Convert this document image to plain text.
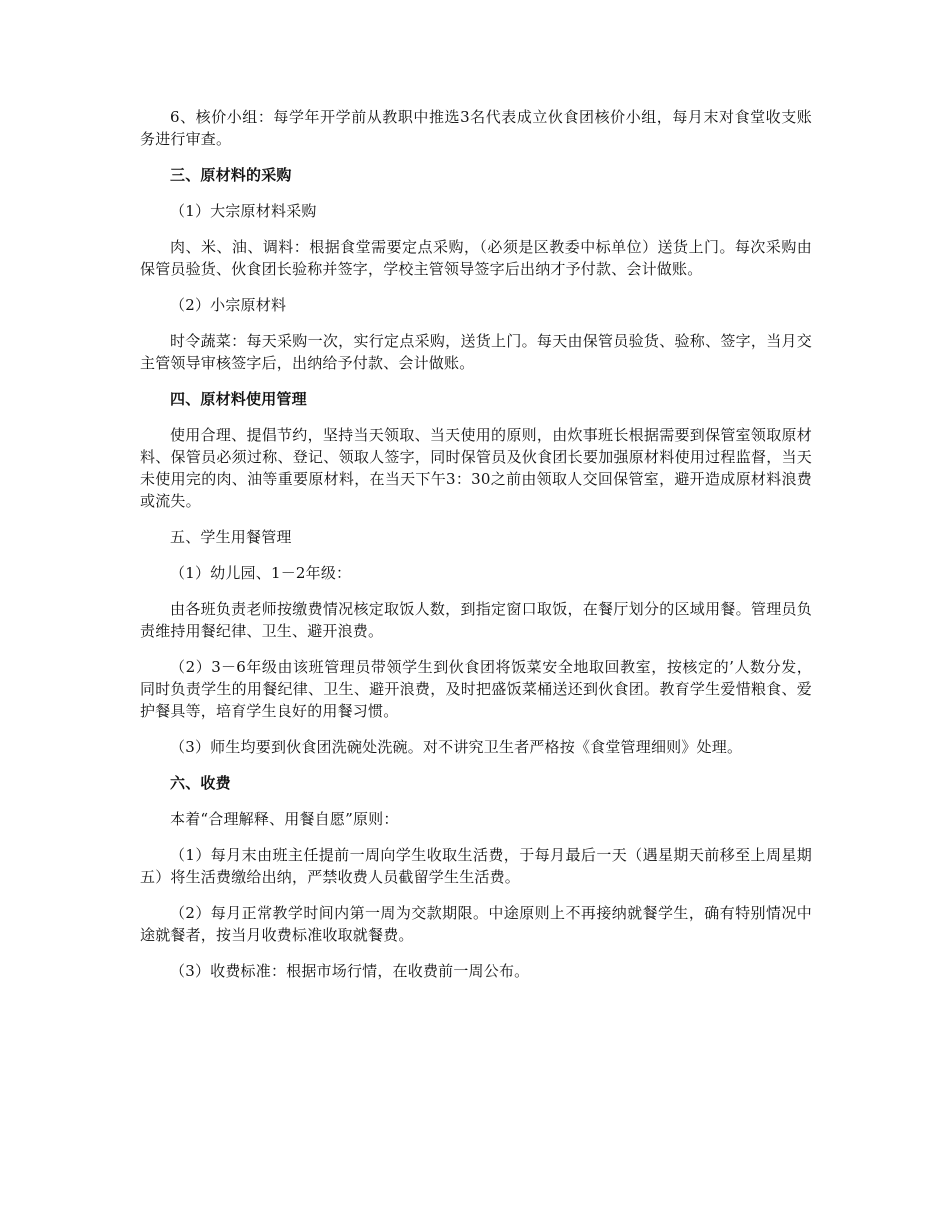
6、核价小组：每学年开学前从教职中推选3名代表成立伙食团核价小组，每月末对食堂收支账务进行审查。

三、原材料的采购

（1）大宗原材料采购

肉、米、油、调料：根据食堂需要定点采购，（必须是区教委中标单位）送货上门。每次采购由保管员验货、伙食团长验称并签字，学校主管领导签字后出纳才予付款、会计做账。

（2）小宗原材料

时令蔬菜：每天采购一次，实行定点采购，送货上门。每天由保管员验货、验称、签字，当月交主管领导审核签字后，出纳给予付款、会计做账。

四、原材料使用管理

使用合理、提倡节约，坚持当天领取、当天使用的原则，由炊事班长根据需要到保管室领取原材料、保管员必须过称、登记、领取人签字，同时保管员及伙食团长要加强原材料使用过程监督，当天未使用完的肉、油等重要原材料，在当天下午3：30之前由领取人交回保管室，避开造成原材料浪费或流失。

五、学生用餐管理

（1）幼儿园、1－2年级：

由各班负责老师按缴费情况核定取饭人数，到指定窗口取饭，在餐厅划分的区域用餐。管理员负责维持用餐纪律、卫生、避开浪费。

（2）3－6年级由该班管理员带领学生到伙食团将饭菜安全地取回教室，按核定的’人数分发，同时负责学生的用餐纪律、卫生、避开浪费，及时把盛饭菜桶送还到伙食团。教育学生爱惜粮食、爱护餐具等，培育学生良好的用餐习惯。

（3）师生均要到伙食团洗碗处洗碗。对不讲究卫生者严格按《食堂管理细则》处理。

六、收费

本着“合理解释、用餐自愿”原则：

（1）每月末由班主任提前一周向学生收取生活费，于每月最后一天（遇星期天前移至上周星期五）将生活费缴给出纳，严禁收费人员截留学生生活费。

（2）每月正常教学时间内第一周为交款期限。中途原则上不再接纳就餐学生，确有特别情况中途就餐者，按当月收费标准收取就餐费。

（3）收费标准：根据市场行情，在收费前一周公布。
